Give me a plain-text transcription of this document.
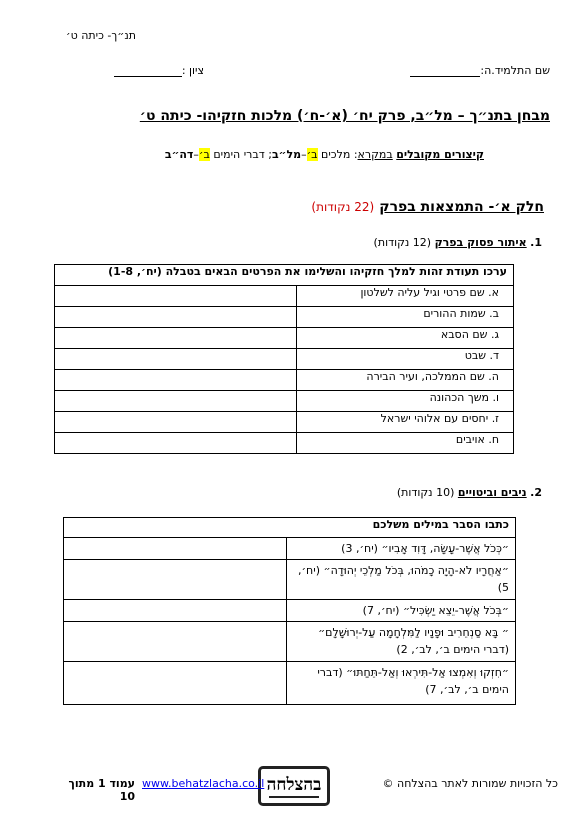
תנ״ך- כיתה ט׳
שם התלמיד.ה:
ציון :
מבחן בתנ״ך – מל״ב, פרק יח׳ (א׳-ח׳) מלכות חזקיהו- כיתה ט׳
קיצורים מקובלים במקרא: מלכים ב׳–מל״ב; דברי הימים ב׳–דה״ב
חלק א׳- התמצאות בפרק (22 נקודות)
1. איתור פסוק בפרק (12 נקודות)
ערכו תעודת זהות למלך חזקיהו והשלימו את הפרטים הבאים בטבלה (יח׳, 1-8)	
	א. שם פרטי וגיל עליה לשלטון
	ב. שמות ההורים
	ג. שם הסבא
	ד. שבט
	ה. שם הממלכה, ועיר הבירה
	ו. משך הכהונה
	ז. יחסים עם אלוהי ישראל
	ח. אויבים
2. ניבים וביטויים (10 נקודות)
כתבו הסבר במילים משלכם	
	״כְּכֹל אֲשֶׁר-עָשָׂה, דָּוִד אָבִיו״ (יח׳, 3)
	״אַחֲרָיו לֹא-הָיָה כָמֹהוּ, בְּכֹל מַלְכֵי יְהוּדָה״ (יח׳, 5)
	״בְּכֹל אֲשֶׁר-יֵצֵא יַשְׂכִּיל״ (יח׳, 7)
	״ בָּא סַנְחֵרִיב וּפָנָיו לַמִּלְחָמָה עַל-יְרוּשָׁלָם״ (דברי הימים ב׳, לב׳, 2)
	״חִזְקוּ וְאִמְצוּ אַל-תִּירְאוּ וְאַל-תֵּחַתּוּ״ (דברי הימים ב׳, לב׳, 7)
כל הזכויות שמורות לאתר בהצלחה ©
בהצלחה
www.behatzlacha.co.il
עמוד 1 מתוך 10
